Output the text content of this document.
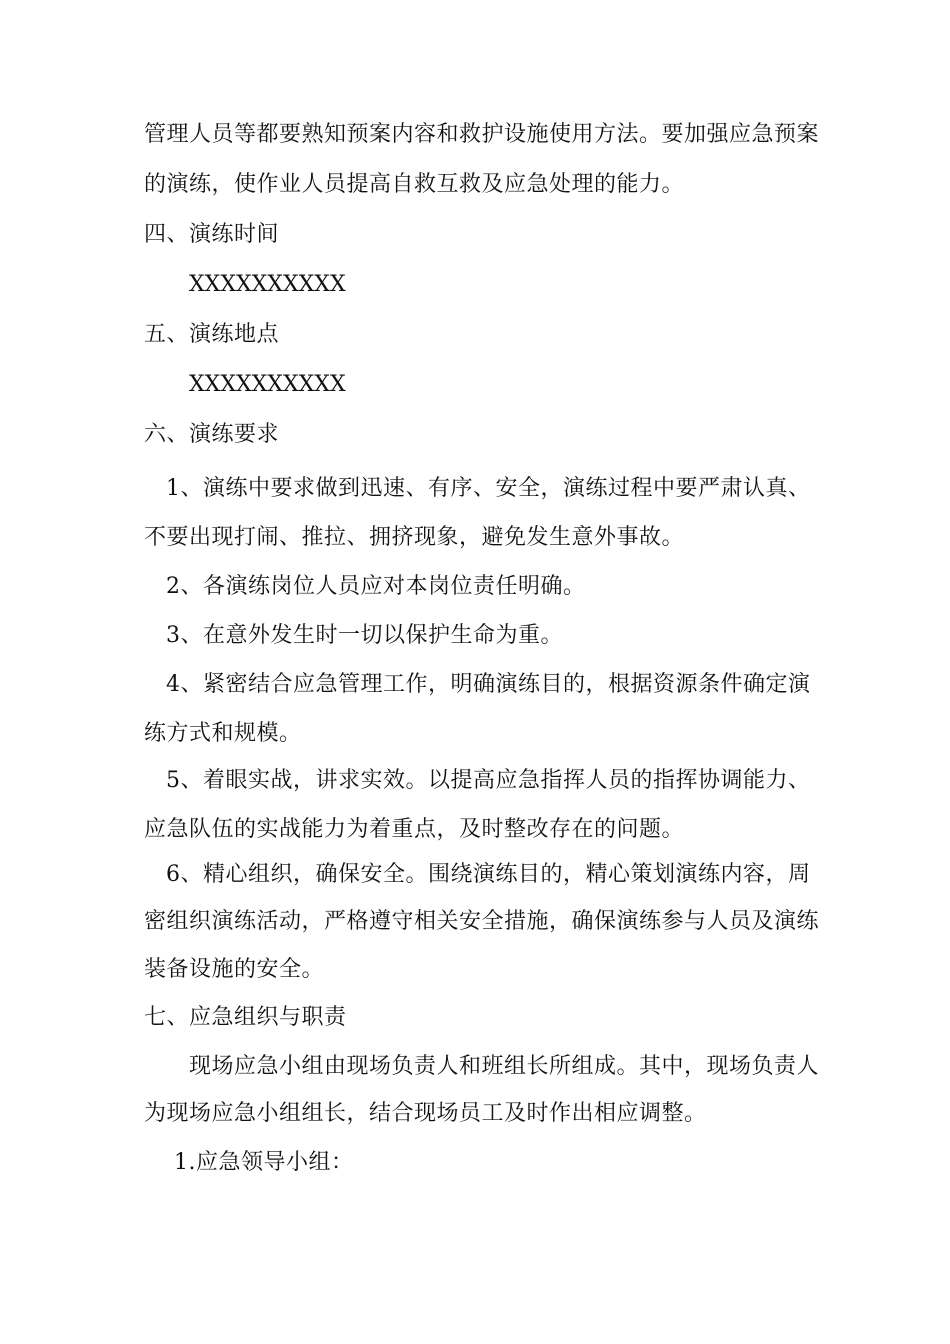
管理人员等都要熟知预案内容和救护设施使用方法。要加强应急预案
的演练，使作业人员提高自救互救及应急处理的能力。
四、演练时间
XXXXXXXXXX
五、演练地点
XXXXXXXXXX
六、演练要求
1、演练中要求做到迅速、有序、安全，演练过程中要严肃认真、
不要出现打闹、推拉、拥挤现象，避免发生意外事故。
2、各演练岗位人员应对本岗位责任明确。
3、在意外发生时一切以保护生命为重。
4、紧密结合应急管理工作，明确演练目的，根据资源条件确定演
练方式和规模。
5、着眼实战，讲求实效。以提高应急指挥人员的指挥协调能力、
应急队伍的实战能力为着重点，及时整改存在的问题。
6、精心组织，确保安全。围绕演练目的，精心策划演练内容，周
密组织演练活动，严格遵守相关安全措施，确保演练参与人员及演练
装备设施的安全。
七、应急组织与职责
现场应急小组由现场负责人和班组长所组成。其中，现场负责人
为现场应急小组组长，结合现场员工及时作出相应调整。
1.应急领导小组：
